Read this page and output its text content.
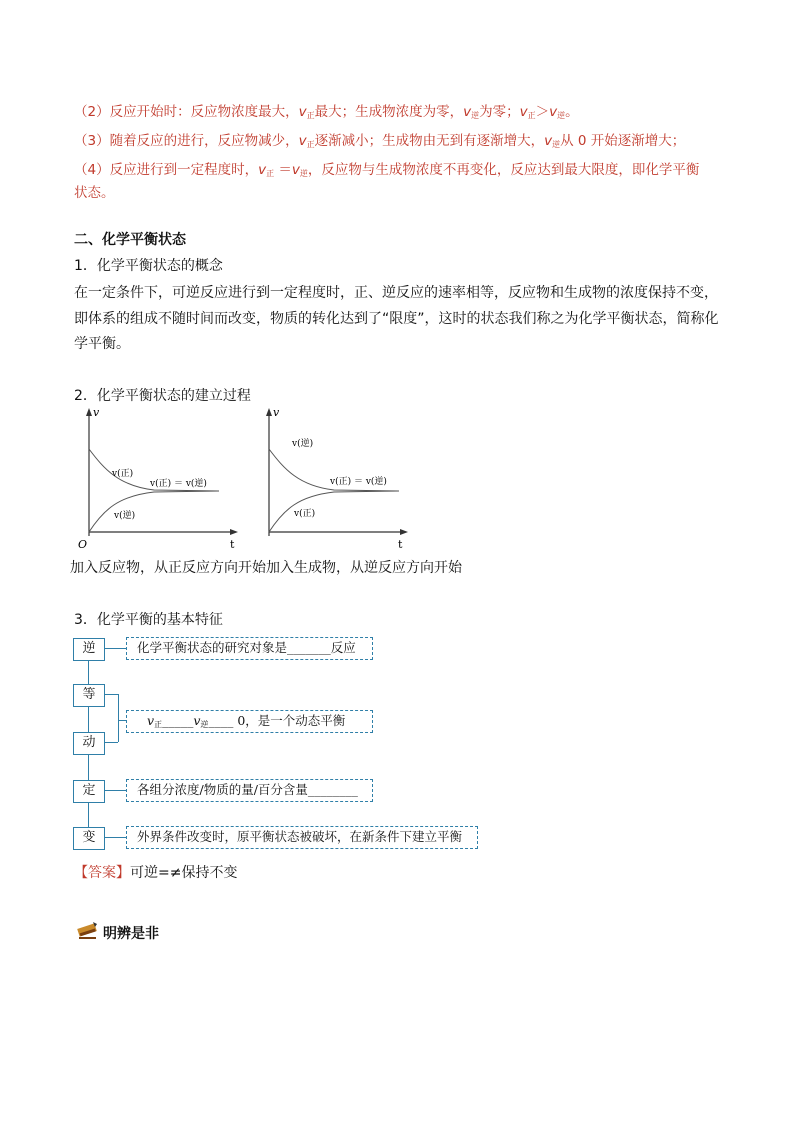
（2）反应开始时：反应物浓度最大，$v_正$最大；生成物浓度为零，$v_逆$为零；$v_正>v_逆$。
（3）随着反应的进行，反应物减少，$v_正$逐渐减小；生成物由无到有逐渐增大，$v_逆$从 0 开始逐渐增大；
（4）反应进行到一定程度时，$v_正 =v_逆$，反应物与生成物浓度不再变化，反应达到最大限度，即化学平衡
状态。
二、化学平衡状态
1．化学平衡状态的概念
在一定条件下，可逆反应进行到一定程度时，正、逆反应的速率相等，反应物和生成物的浓度保持不变，
即体系的组成不随时间而改变，物质的转化达到了“限度”，这时的状态我们称之为化学平衡状态，简称化
学平衡。
2．化学平衡状态的建立过程
v
t
O
v(正)
v(正) ＝ v(逆)
v(逆)
v
t
v(逆)
v(正) ＝ v(逆)
v(正)
加入反应物，从正反应方向开始加入生成物，从逆反应方向开始
3．化学平衡的基本特征
逆	化学平衡状态的研究对象是_______反应
等
动
$v_正\_\_\_\_\_v_逆\_\_\_\_$ 0，是一个动态平衡
定	各组分浓度/物质的量/百分含量________
变	外界条件改变时，原平衡状态被破坏，在新条件下建立平衡
【答案】可逆=≠保持不变
明辨是非
